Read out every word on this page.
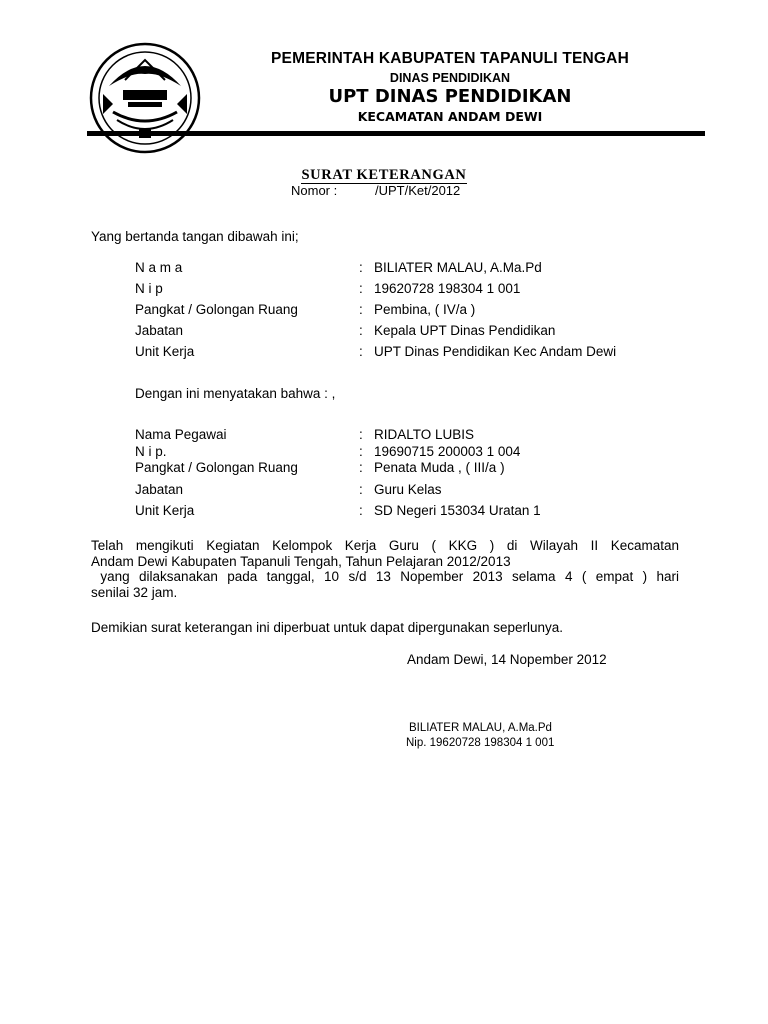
PEMERINTAH KABUPATEN TAPANULI TENGAH
DINAS PENDIDIKAN
UPT DINAS PENDIDIKAN
KECAMATAN ANDAM DEWI
SURAT KETERANGAN
Nomor :	/UPT/Ket/2012
Yang bertanda tangan dibawah ini;
N a m a	: BILIATER MALAU, A.Ma.Pd
N i p	: 19620728 198304 1 001
Pangkat / Golongan Ruang	: Pembina, ( IV/a )
Jabatan	: Kepala UPT Dinas Pendidikan
Unit Kerja	: UPT Dinas Pendidikan Kec Andam Dewi
Dengan ini menyatakan bahwa : ,
Nama Pegawai	: RIDALTO LUBIS
N i p.	: 19690715 200003 1 004
Pangkat / Golongan Ruang	: Penata Muda , ( III/a )
Jabatan	: Guru Kelas
Unit Kerja	: SD Negeri 153034 Uratan 1
Telah mengikuti Kegiatan Kelompok Kerja Guru ( KKG ) di Wilayah II Kecamatan
Andam Dewi Kabupaten Tapanuli Tengah, Tahun Pelajaran 2012/2013
yang dilaksanakan pada tanggal, 10 s/d 13 Nopember 2013 selama 4 ( empat ) hari
senilai 32 jam.
Demikian surat keterangan ini diperbuat untuk dapat dipergunakan seperlunya.
Andam Dewi, 14 Nopember 2012
BILIATER MALAU, A.Ma.Pd
Nip. 19620728 198304 1 001
